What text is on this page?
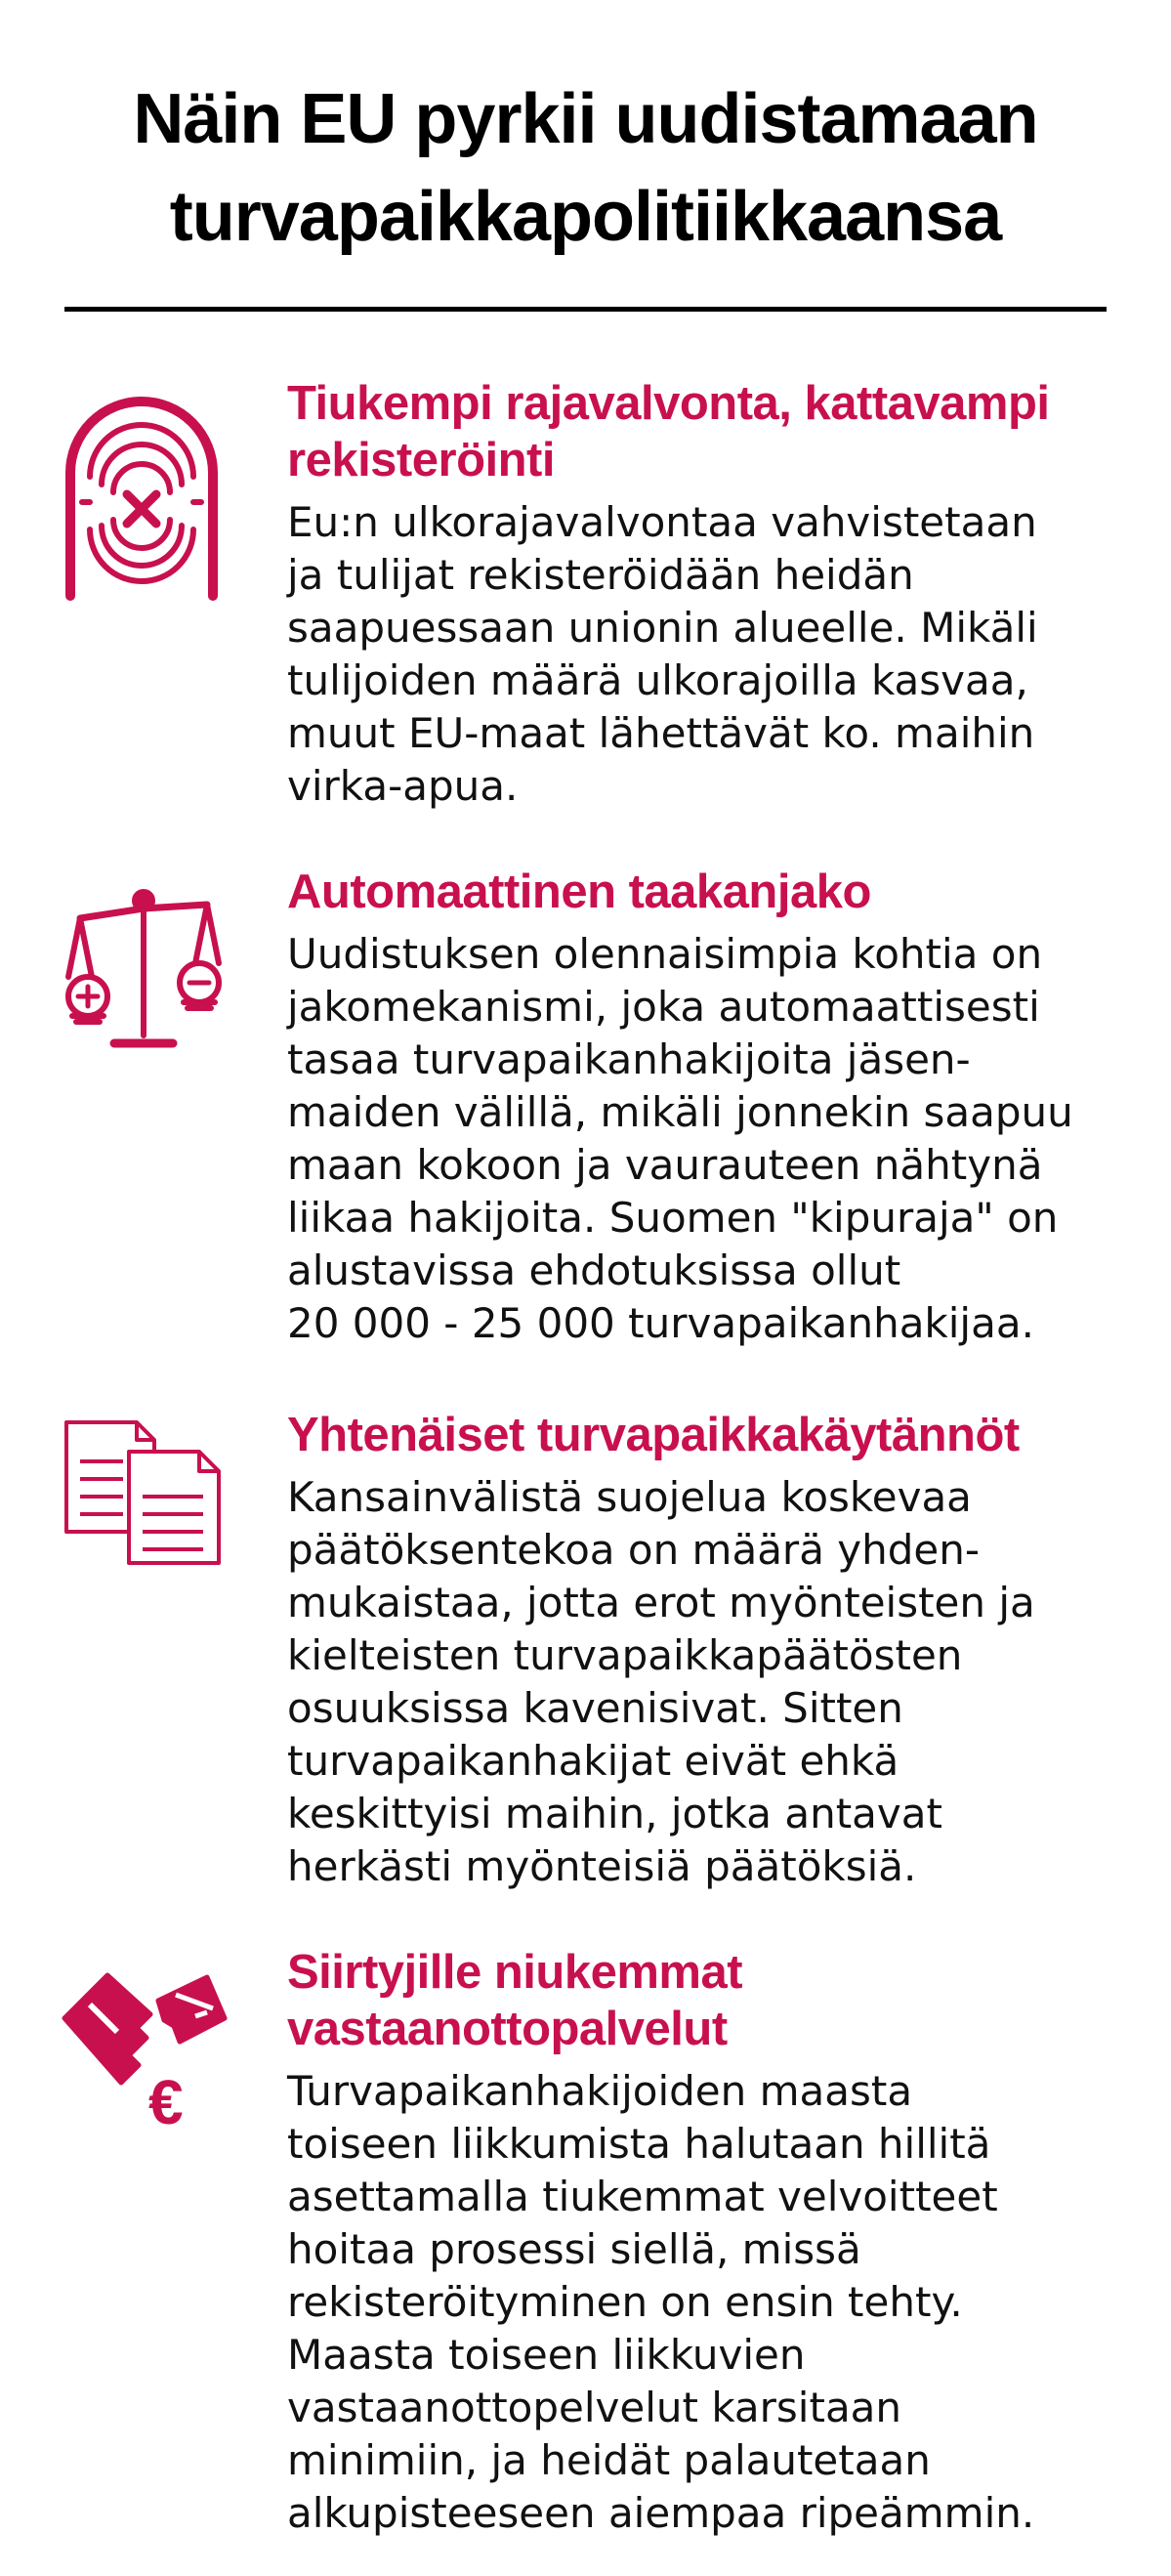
Näin EU pyrkii uudistamaan
turvapaikkapolitiikkaansa
Tiukempi rajavalvonta, kattavampi rekisteröinti

Eu:n ulkorajavalvontaa vahvistetaan
ja tulijat rekisteröidään heidän
saapuessaan unionin alueelle. Mikäli
tulijoiden määrä ulkorajoilla kasvaa,
muut EU-maat lähettävät ko. maihin
virka-apua.

Automaattinen taakanjako

Uudistuksen olennaisimpia kohtia on
jakomekanismi, joka automaattisesti
tasaa turvapaikanhakijoita jäsen-
maiden välillä, mikäli jonnekin saapuu
maan kokoon ja vaurauteen nähtynä
liikaa hakijoita. Suomen "kipuraja" on
alustavissa ehdotuksissa ollut
20 000 - 25 000 turvapaikanhakijaa.

Yhtenäiset turvapaikkakäytännöt

Kansainvälistä suojelua koskevaa
päätöksentekoa on määrä yhden-
mukaistaa, jotta erot myönteisten ja
kielteisten turvapaikkapäätösten
osuuksissa kavenisivat. Sitten
turvapaikanhakijat eivät ehkä
keskittyisi maihin, jotka antavat
herkästi myönteisiä päätöksiä.

€
Siirtyjille niukemmat vastaanottopalvelut

Turvapaikanhakijoiden maasta
toiseen liikkumista halutaan hillitä
asettamalla tiukemmat velvoitteet
hoitaa prosessi siellä, missä
rekisteröityminen on ensin tehty.
Maasta toiseen liikkuvien
vastaanottopelvelut karsitaan
minimiin, ja heidät palautetaan
alkupisteeseen aiempaa ripeämmin.
